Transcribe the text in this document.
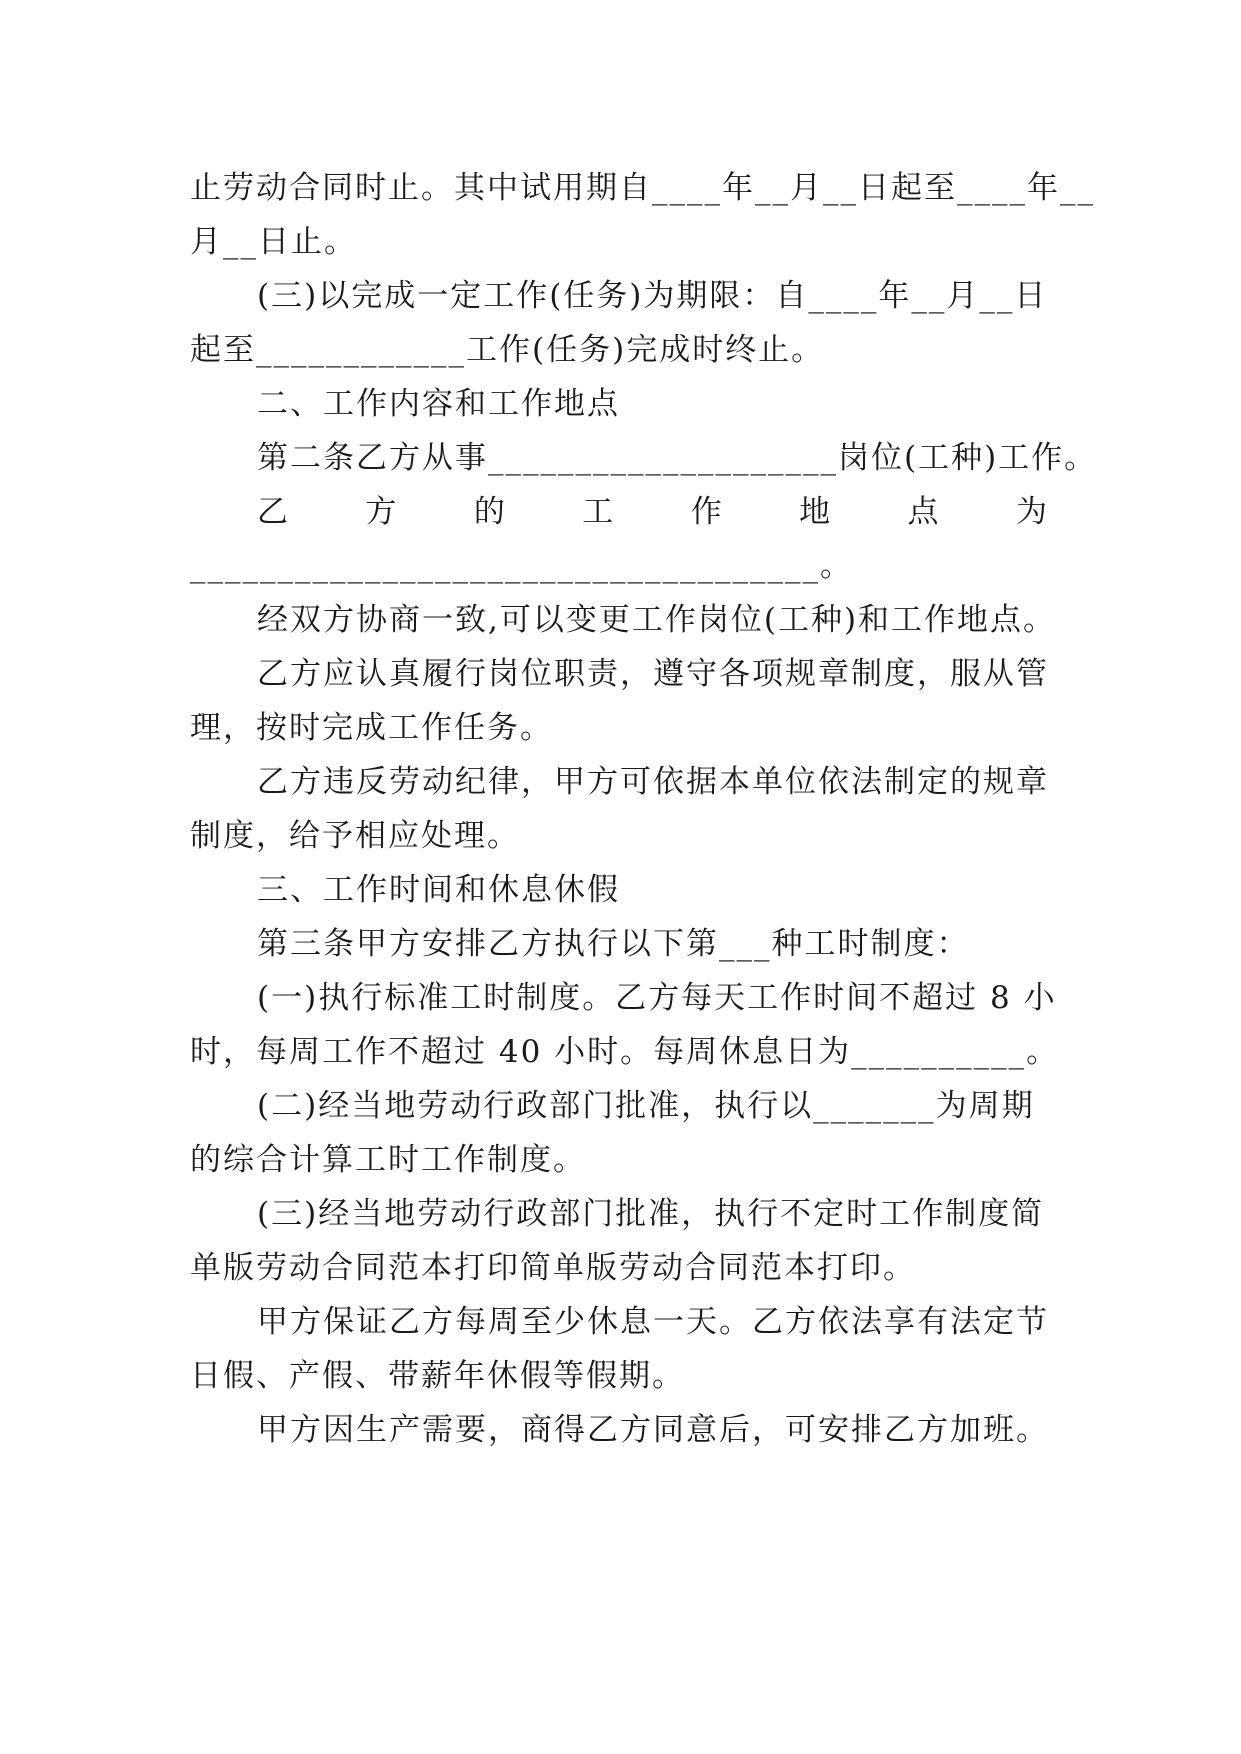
止劳动合同时止。其中试用期自____年__月__日起至____年__
月__日止。
(三)以完成一定工作(任务)为期限：自____年__月__日
起至____________工作(任务)完成时终止。
二、工作内容和工作地点
第二条乙方从事____________________岗位(工种)工作。
乙 方 的 工 作 地 点 为
____________________________________。
经双方协商一致,可以变更工作岗位(工种)和工作地点。
乙方应认真履行岗位职责，遵守各项规章制度，服从管
理，按时完成工作任务。
乙方违反劳动纪律，甲方可依据本单位依法制定的规章
制度，给予相应处理。
三、工作时间和休息休假
第三条甲方安排乙方执行以下第___种工时制度：
(一)执行标准工时制度。乙方每天工作时间不超过 8 小
时，每周工作不超过 40 小时。每周休息日为__________。
(二)经当地劳动行政部门批准，执行以_______为周期
的综合计算工时工作制度。
(三)经当地劳动行政部门批准，执行不定时工作制度简
单版劳动合同范本打印简单版劳动合同范本打印。
甲方保证乙方每周至少休息一天。乙方依法享有法定节
日假、产假、带薪年休假等假期。
甲方因生产需要，商得乙方同意后，可安排乙方加班。
